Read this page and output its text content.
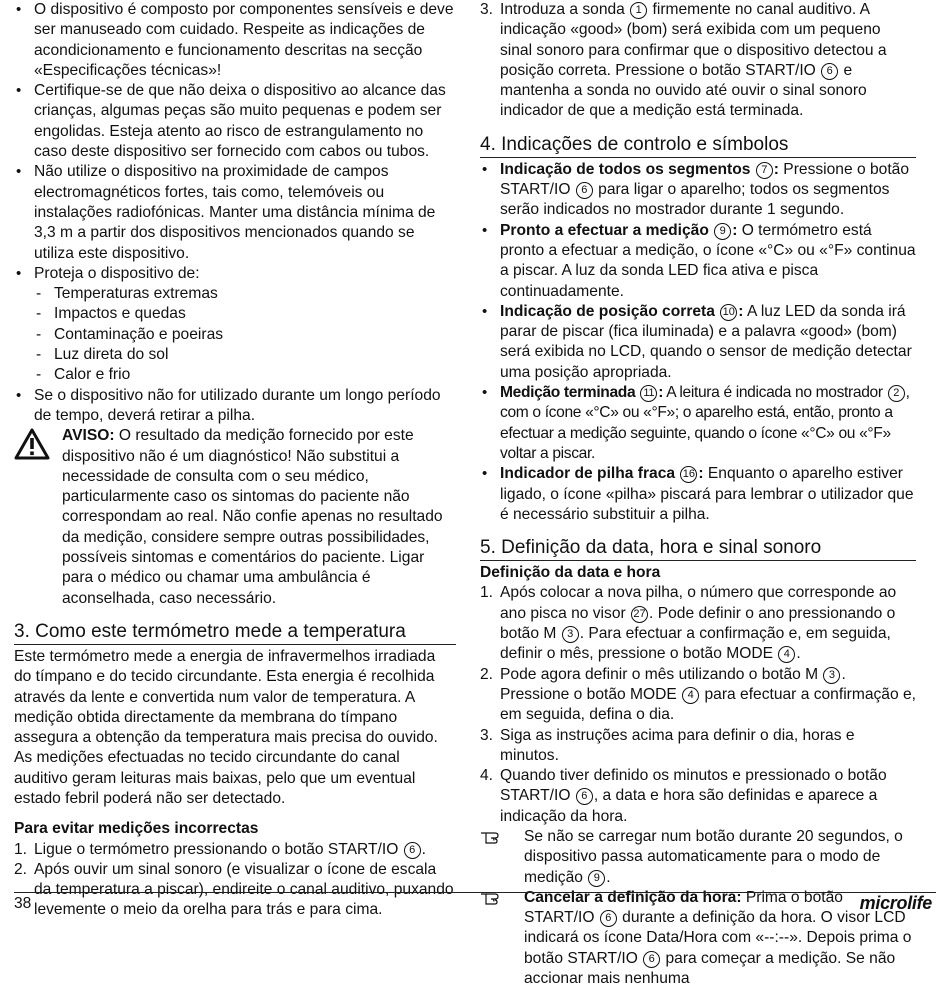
• O dispositivo é composto por componentes sensíveis e deve ser manuseado com cuidado. Respeite as indicações de acondicionamento e funcionamento descritas na secção «Especificações técnicas»!
• Certifique-se de que não deixa o dispositivo ao alcance das crianças, algumas peças são muito pequenas e podem ser engolidas. Esteja atento ao risco de estrangulamento no caso deste dispositivo ser fornecido com cabos ou tubos.
• Não utilize o dispositivo na proximidade de campos electromagnéticos fortes, tais como, telemóveis ou instalações radiofónicas. Manter uma distância mínima de 3,3 m a partir dos dispositivos mencionados quando se utiliza este dispositivo.
• Proteja o dispositivo de:
- Temperaturas extremas
- Impactos e quedas
- Contaminação e poeiras
- Luz direta do sol
- Calor e frio
• Se o dispositivo não for utilizado durante um longo período de tempo, deverá retirar a pilha.
AVISO: O resultado da medição fornecido por este dispositivo não é um diagnóstico! Não substitui a necessidade de consulta com o seu médico, particularmente caso os sintomas do paciente não correspondam ao real. Não confie apenas no resultado da medição, considere sempre outras possibilidades, possíveis sintomas e comentários do paciente. Ligar para o médico ou chamar uma ambulância é aconselhada, caso necessário.
3. Como este termómetro mede a temperatura

Este termómetro mede a energia de infravermelhos irradiada do tímpano e do tecido circundante. Esta energia é recolhida através da lente e convertida num valor de temperatura. A medição obtida directamente da membrana do tímpano assegura a obtenção da temperatura mais precisa do ouvido.

As medições efectuadas no tecido circundante do canal auditivo geram leituras mais baixas, pelo que um eventual estado febril poderá não ser detectado.

Para evitar medições incorrectas
1. Ligue o termómetro pressionando o botão START/IO 6 .
2. Após ouvir um sinal sonoro (e visualizar o ícone de escala da temperatura a piscar), endireite o canal auditivo, puxando levemente o meio da orelha para trás e para cima.
3. Introduza a sonda 1 firmemente no canal auditivo. A indicação «good» (bom) será exibida com um pequeno sinal sonoro para confirmar que o dispositivo detectou a posição correta. Pressione o botão START/IO 6 e mantenha a sonda no ouvido até ouvir o sinal sonoro indicador de que a medição está terminada.
4. Indicações de controlo e símbolos
• Indicação de todos os segmentos 7 : Pressione o botão START/IO 6 para ligar o aparelho; todos os segmentos serão indicados no mostrador durante 1 segundo.
• Pronto a efectuar a medição 9 : O termómetro está pronto a efectuar a medição, o ícone «°C» ou «°F» continua a piscar. A luz da sonda LED fica ativa e pisca continuadamente.
• Indicação de posição correta 10 : A luz LED da sonda irá parar de piscar (fica iluminada) e a palavra «good» (bom) será exibida no LCD, quando o sensor de medição detectar uma posição apropriada.
• Medição terminada 11 : A leitura é indicada no mostrador 2 , com o ícone «°C» ou «°F»; o aparelho está, então, pronto a efectuar a medição seguinte, quando o ícone «°C» ou «°F» voltar a piscar.
• Indicador de pilha fraca 16 : Enquanto o aparelho estiver ligado, o ícone «pilha» piscará para lembrar o utilizador que é necessário substituir a pilha.
5. Definição da data, hora e sinal sonoro
Definição da data e hora
1. Após colocar a nova pilha, o número que corresponde ao ano pisca no visor 27 . Pode definir o ano pressionando o botão M 3 . Para efectuar a confirmação e, em seguida, definir o mês, pressione o botão MODE 4 .
2. Pode agora definir o mês utilizando o botão M 3 . Pressione o botão MODE 4 para efectuar a confirmação e, em seguida, defina o dia.
3. Siga as instruções acima para definir o dia, horas e minutos.
4. Quando tiver definido os minutos e pressionado o botão START/IO 6 , a data e hora são definidas e aparece a indicação da hora.
Se não se carregar num botão durante 20 segundos, o dispositivo passa automaticamente para o modo de medição 9 .
Cancelar a definição da hora: Prima o botão START/IO 6 durante a definição da hora. O visor LCD indicará os ícone Data/Hora com «--:--». Depois prima o botão START/IO 6 para começar a medição. Se não accionar mais nenhuma
38	microlife
